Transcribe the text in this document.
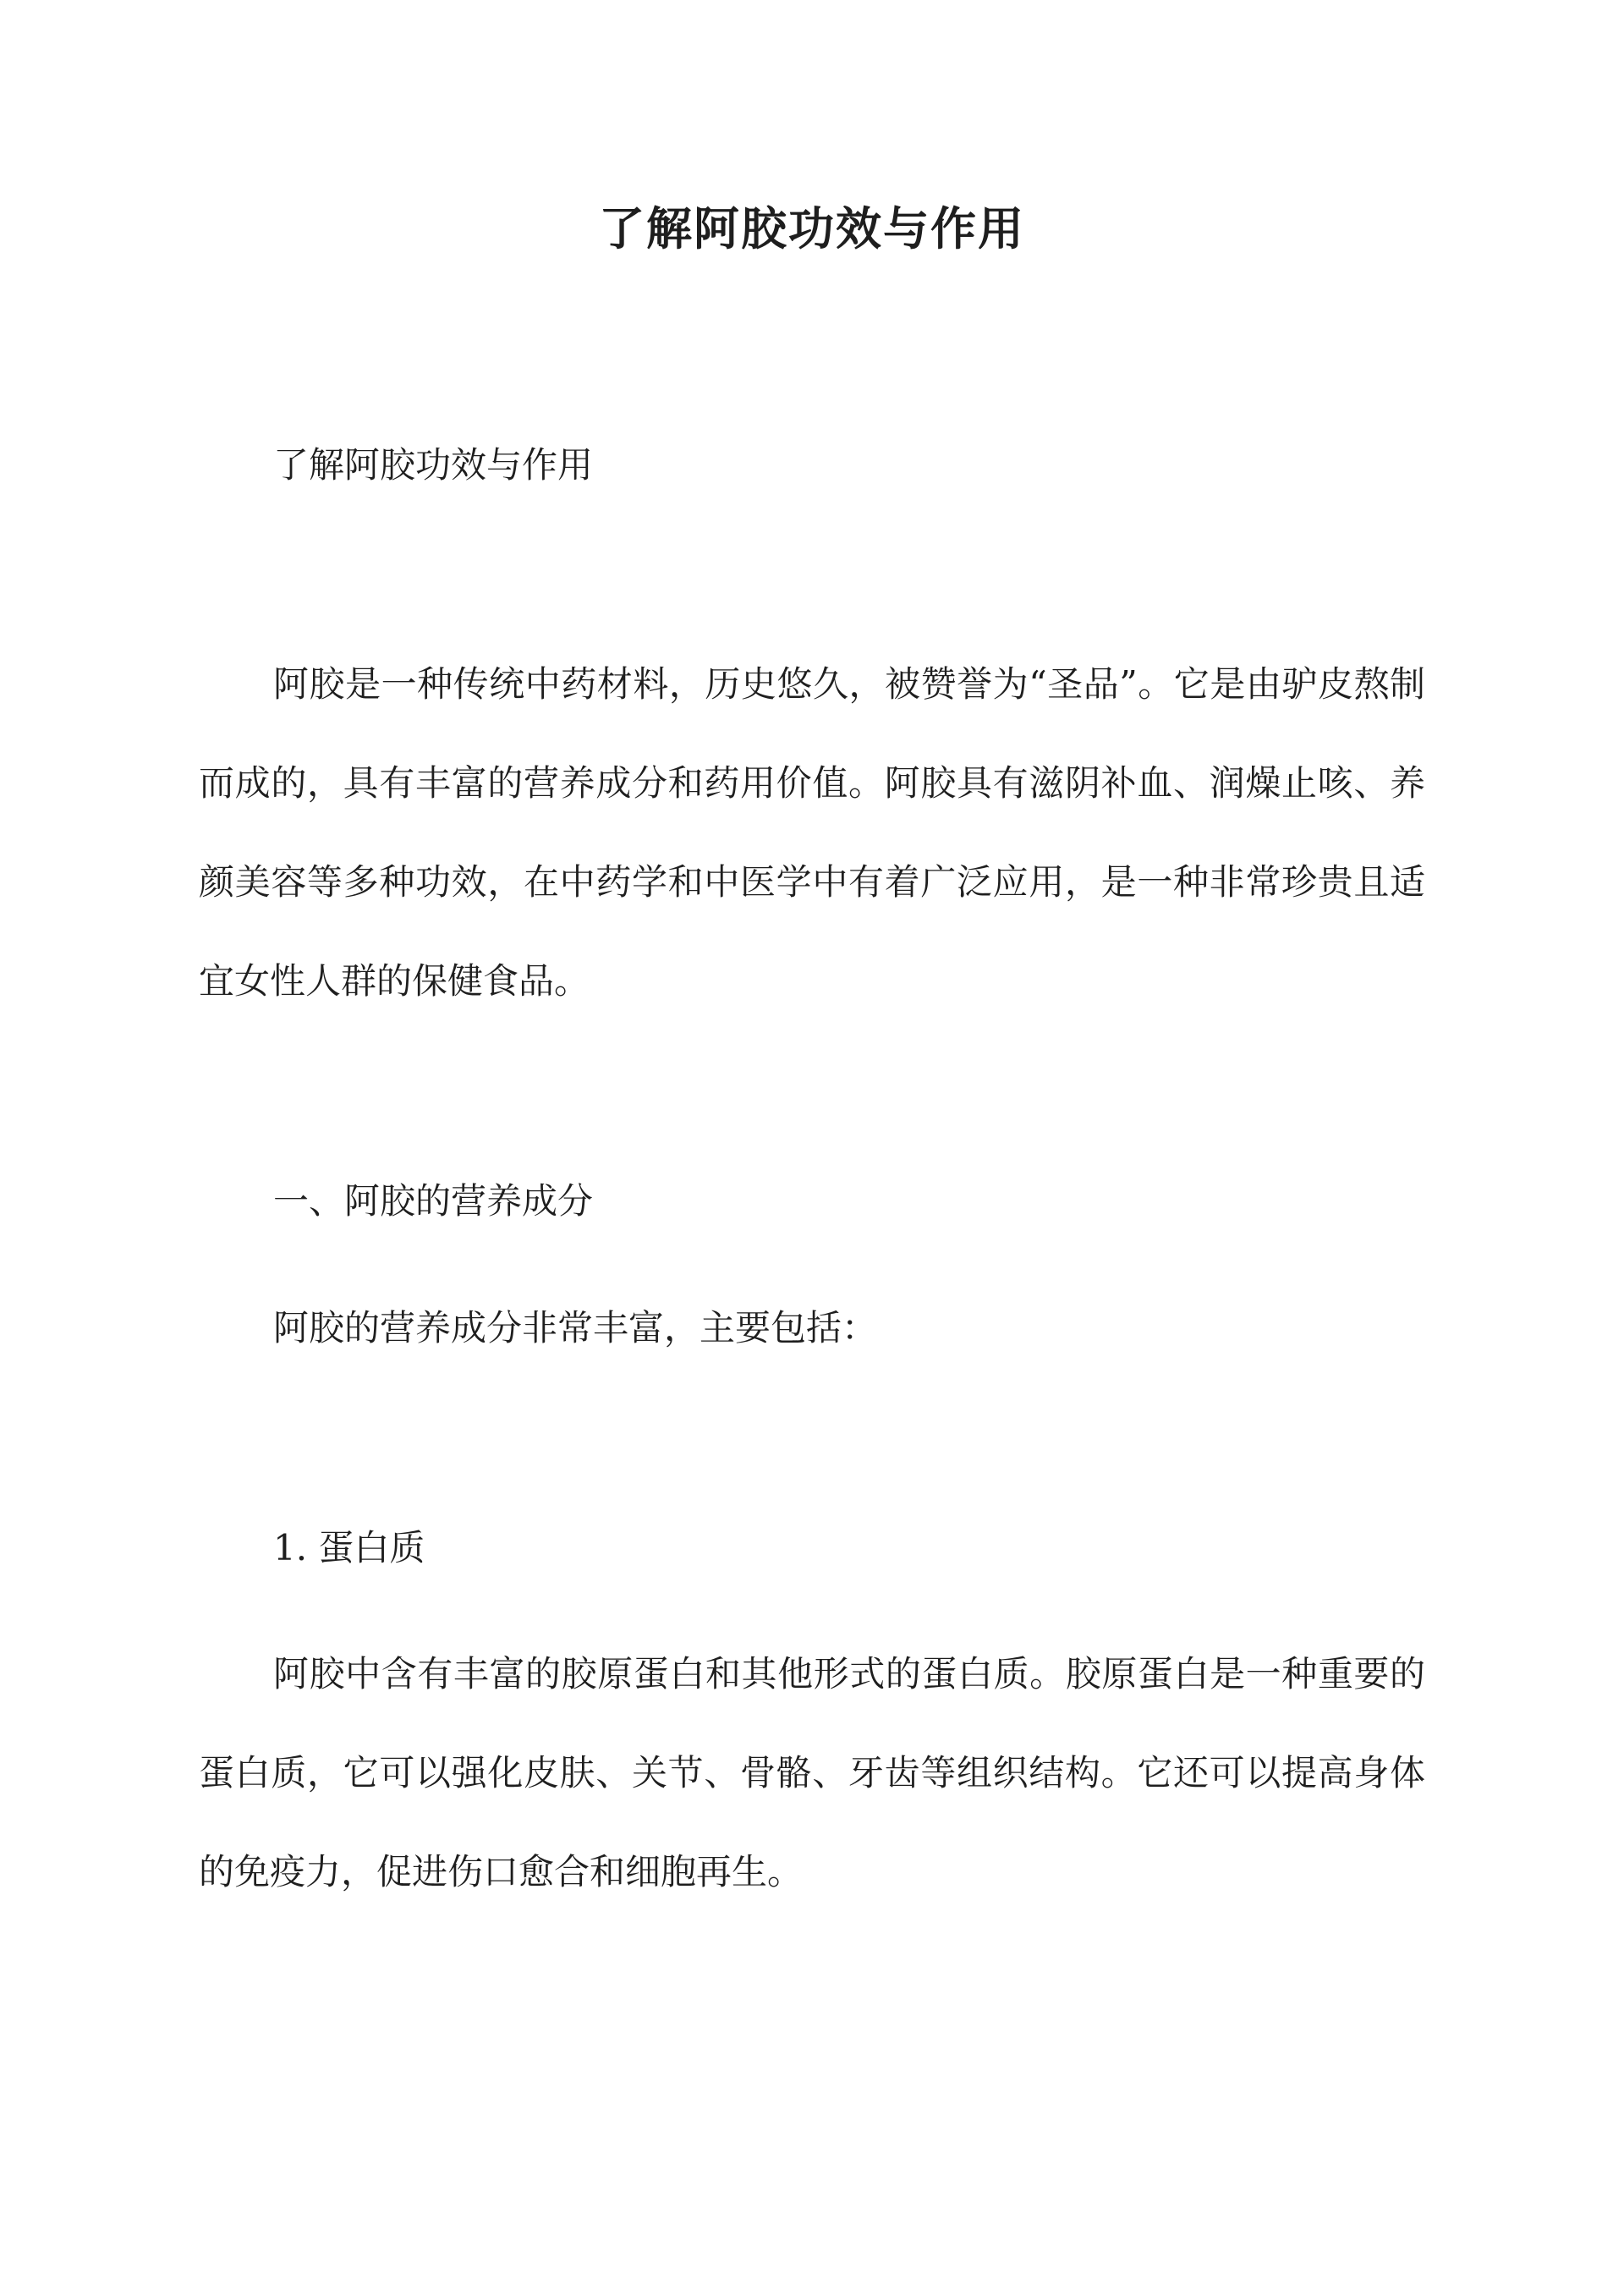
了解阿胶功效与作用

了解阿胶功效与作用

阿胶是一种传统中药材料，历史悠久，被赞誉为“圣品”。它是由驴皮熬制而成的，具有丰富的营养成分和药用价值。阿胶具有滋阴补血、润燥止咳、养颜美容等多种功效，在中药学和中医学中有着广泛应用，是一种非常珍贵且适宜女性人群的保健食品。

一、阿胶的营养成分

阿胶的营养成分非常丰富，主要包括：

1. 蛋白质

阿胶中含有丰富的胶原蛋白和其他形式的蛋白质。胶原蛋白是一种重要的蛋白质，它可以强化皮肤、关节、骨骼、牙齿等组织结构。它还可以提高身体的免疫力，促进伤口愈合和细胞再生。
